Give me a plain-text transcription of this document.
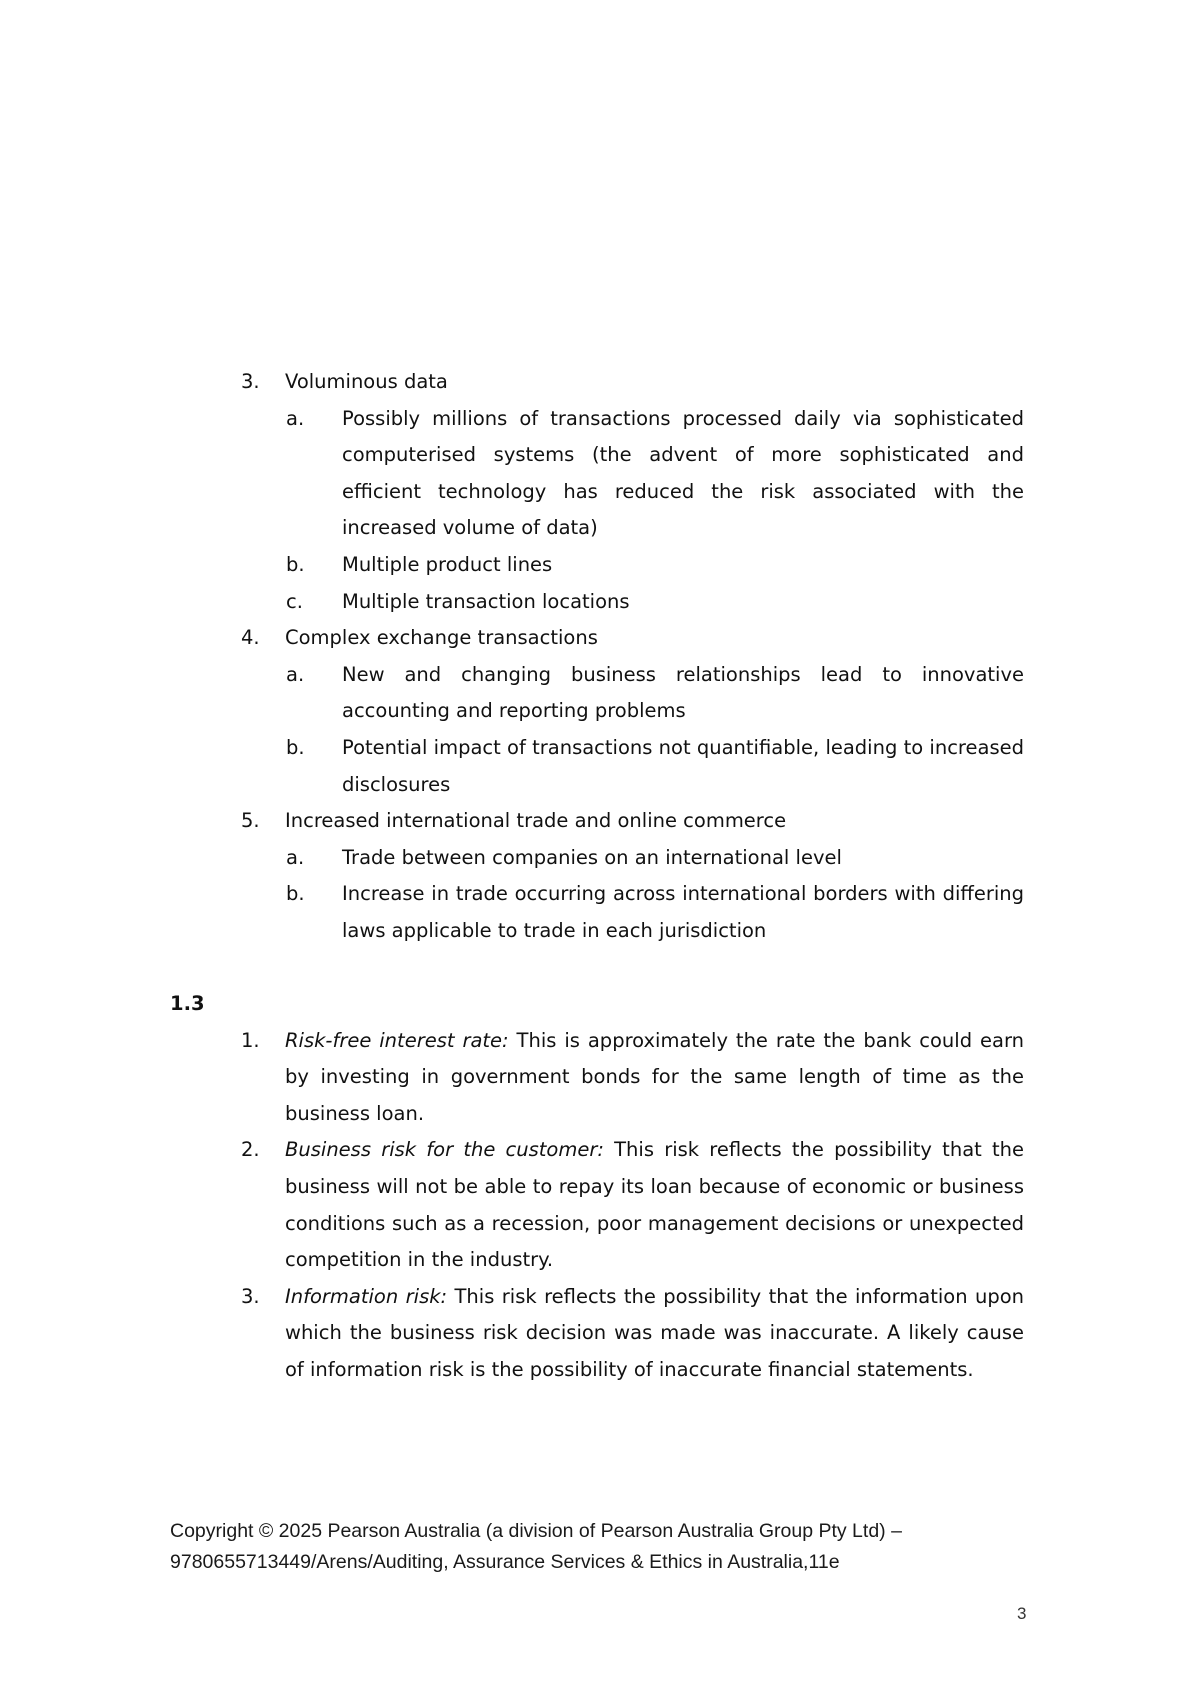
3. Voluminous data
a. Possibly millions of transactions processed daily via sophisticated computerised systems (the advent of more sophisticated and efficient technology has reduced the risk associated with the increased volume of data)
b. Multiple product lines
c. Multiple transaction locations
4. Complex exchange transactions
a. New and changing business relationships lead to innovative accounting and reporting problems
b. Potential impact of transactions not quantifiable, leading to increased disclosures
5. Increased international trade and online commerce
a. Trade between companies on an international level
b. Increase in trade occurring across international borders with differing laws applicable to trade in each jurisdiction
1.3
1. Risk-free interest rate: This is approximately the rate the bank could earn by investing in government bonds for the same length of time as the business loan.
2. Business risk for the customer: This risk reflects the possibility that the business will not be able to repay its loan because of economic or business conditions such as a recession, poor management decisions or unexpected competition in the industry.
3. Information risk: This risk reflects the possibility that the information upon which the business risk decision was made was inaccurate. A likely cause of information risk is the possibility of inaccurate financial statements.
Copyright © 2025 Pearson Australia (a division of Pearson Australia Group Pty Ltd) –
9780655713449/Arens/Auditing, Assurance Services & Ethics in Australia,11e
3
